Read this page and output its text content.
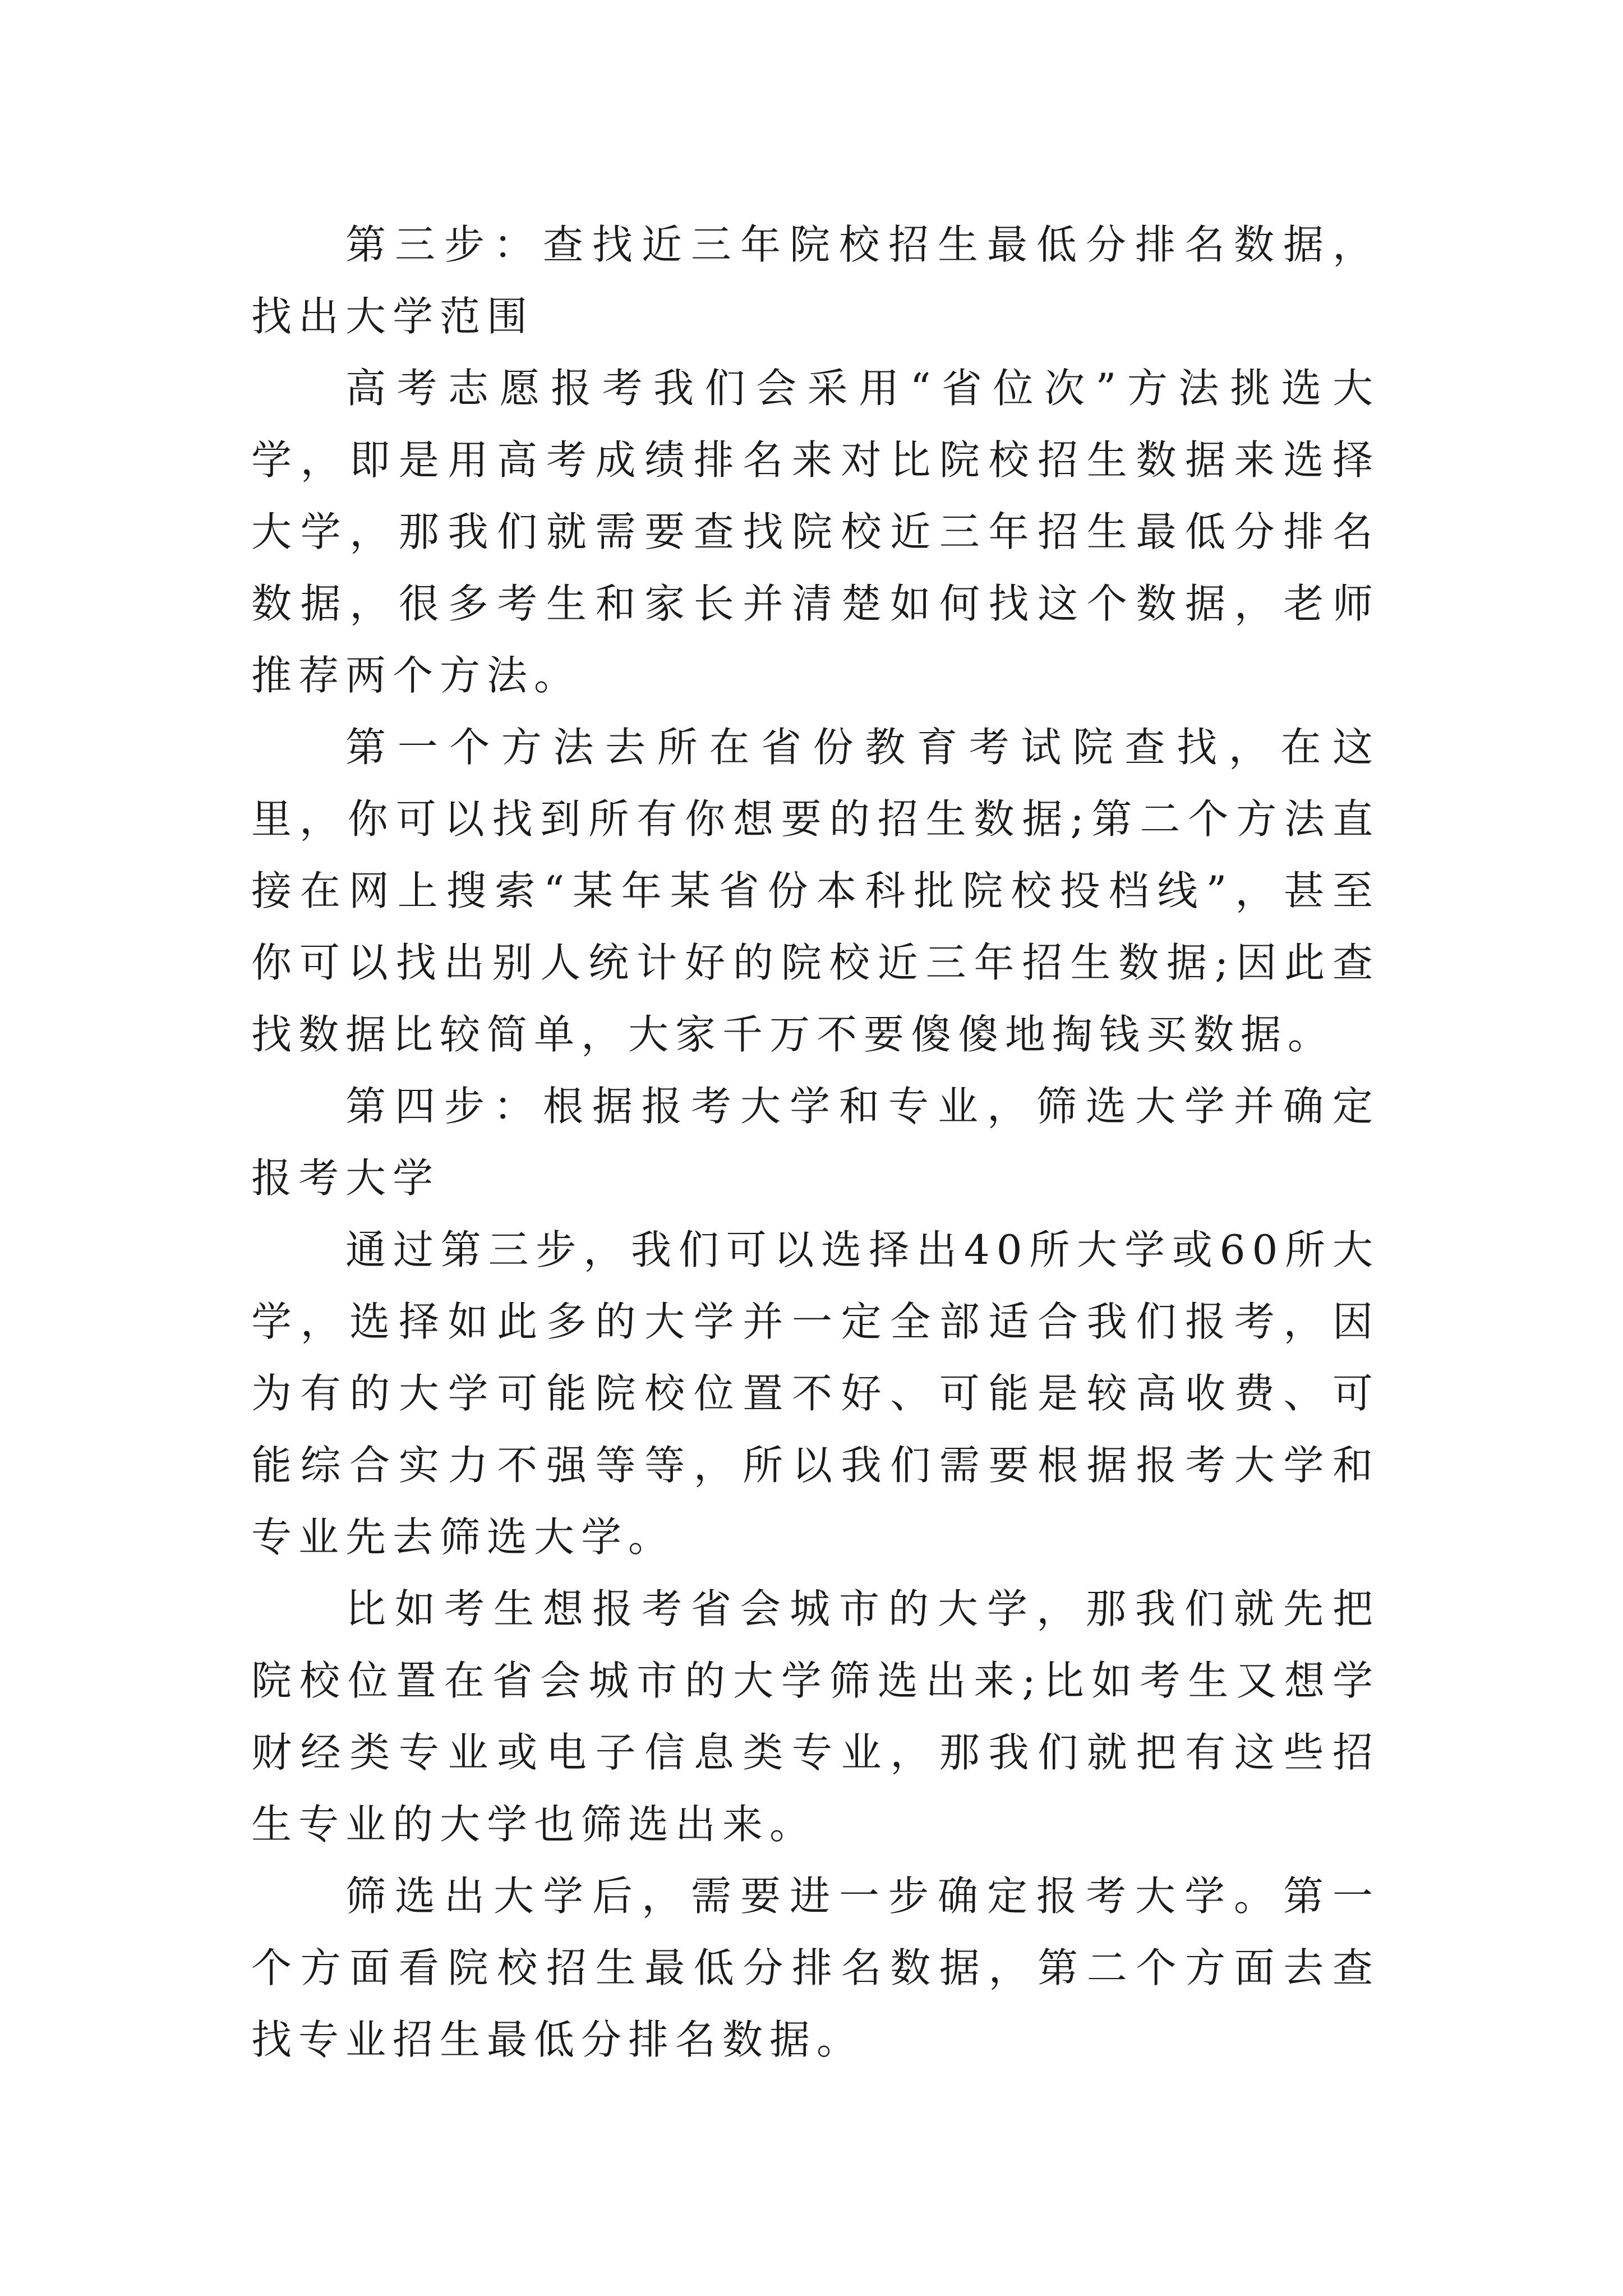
第三步：查找近三年院校招生最低分排名数据，找出大学范围

高考志愿报考我们会采用“省位次”方法挑选大学，即是用高考成绩排名来对比院校招生数据来选择大学，那我们就需要查找院校近三年招生最低分排名数据，很多考生和家长并清楚如何找这个数据，老师推荐两个方法。

第一个方法去所在省份教育考试院查找，在这里，你可以找到所有你想要的招生数据;第二个方法直接在网上搜索“某年某省份本科批院校投档线”，甚至你可以找出别人统计好的院校近三年招生数据;因此查找数据比较简单，大家千万不要傻傻地掏钱买数据。

第四步：根据报考大学和专业，筛选大学并确定报考大学

通过第三步，我们可以选择出40所大学或60所大学，选择如此多的大学并一定全部适合我们报考，因为有的大学可能院校位置不好、可能是较高收费、可能综合实力不强等等，所以我们需要根据报考大学和专业先去筛选大学。

比如考生想报考省会城市的大学，那我们就先把院校位置在省会城市的大学筛选出来;比如考生又想学财经类专业或电子信息类专业，那我们就把有这些招生专业的大学也筛选出来。

筛选出大学后，需要进一步确定报考大学。第一个方面看院校招生最低分排名数据，第二个方面去查找专业招生最低分排名数据。
